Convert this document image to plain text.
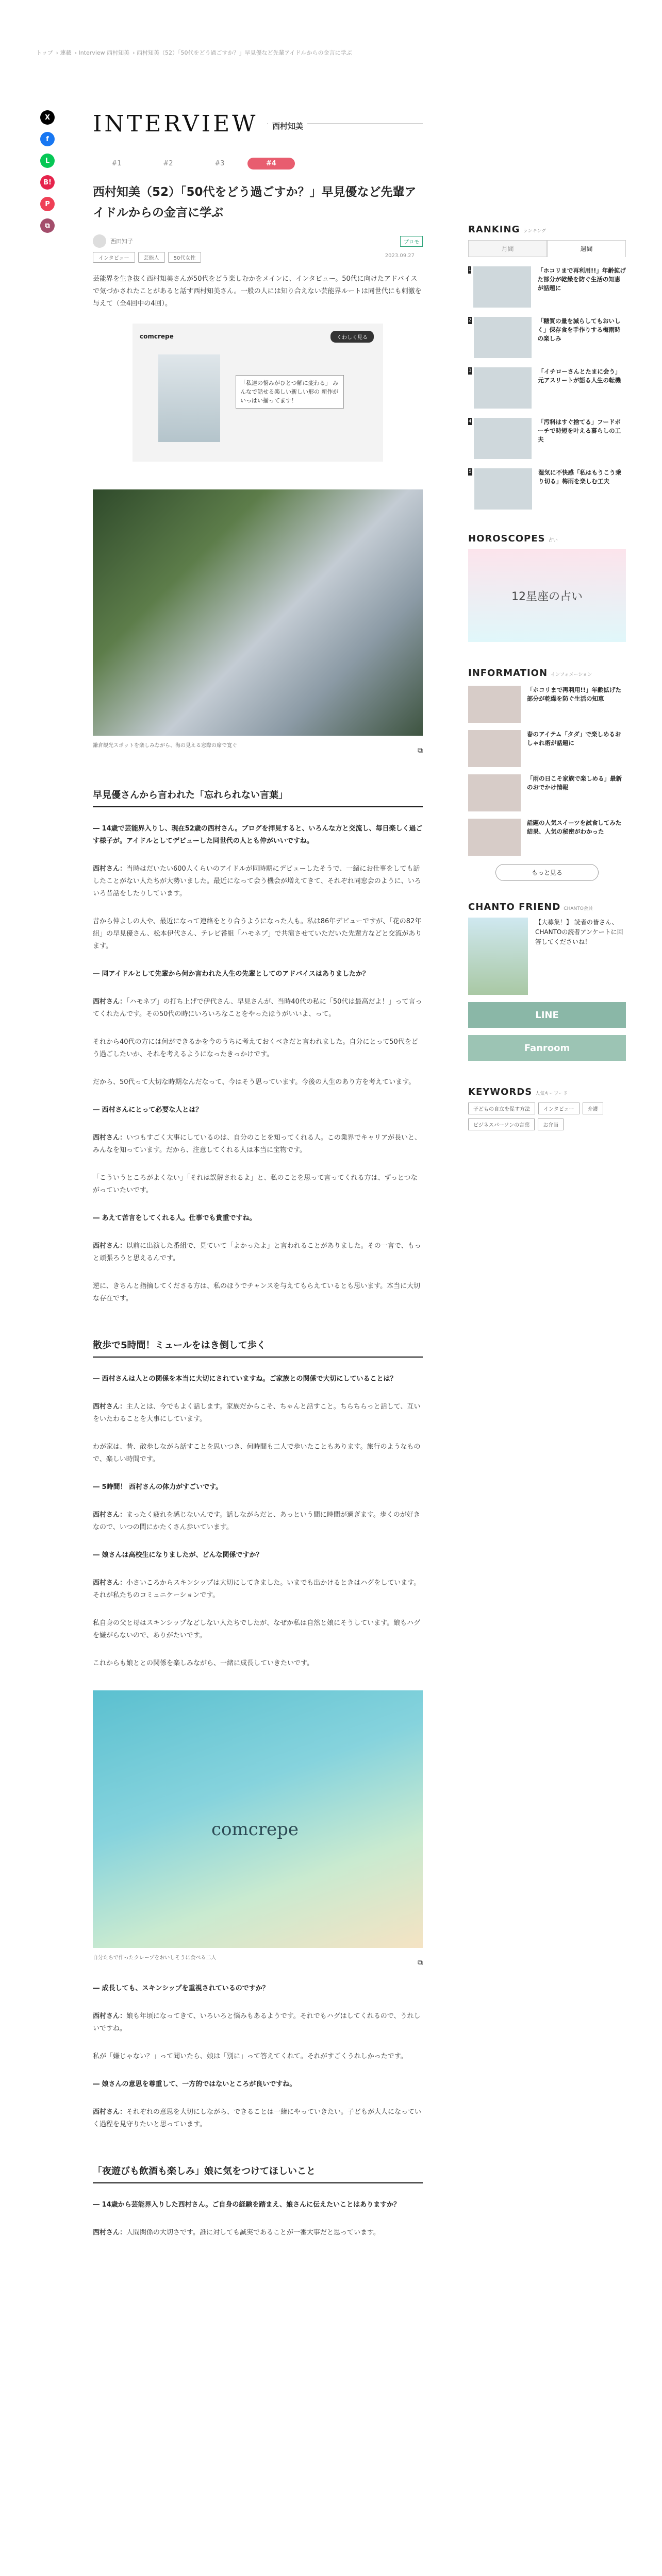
トップ › 連載 › Interview 西村知美 › 西村知美（52）「50代をどう過ごすか？」早見優など先輩アイドルからの金言に学ぶ
X
f
L
B!
P
⧉
INTERVIEW	西村知美
#1	#2	#3	#4
西村知美（52）「50代をどう過ごすか？」早見優など先輩アイドルからの金言に学ぶ
西田知子	プロモ
インタビュー	芸能人	50代女性	2023.09.27

芸能界を生き抜く西村知美さんが50代をどう楽しむかをメインに、インタビュー。50代に向けたアドバイスで気づかされたことがあると話す西村知美さん。一般の人には知り合えない芸能界ルートは同世代にも刺激を与えて（全4回中の4回）。

comcrepe	くわしく見る
「私達の悩みがひとつ解に変わる」 みんなで話せる楽しい新しい形の 新作がいっぱい揃ってます！

鎌倉観光スポットを楽しみながら、海の見える窓際の席で寛ぐ

⧉
早見優さんから言われた「忘れられない言葉」

― 14歳で芸能界入りし、現在52歳の西村さん。ブログを拝見すると、いろんな方と交流し、毎日楽しく過ごす様子が。アイドルとしてデビューした同世代の人とも仲がいいですね。

西村さん：当時はだいたい600人くらいのアイドルが同時期にデビューしたそうで、一緒にお仕事をしても話したことがない人たちが大勢いました。最近になって会う機会が増えてきて、それぞれ同窓会のように、いろいろ昔話をしたりしています。

昔から仲よしの人や、最近になって連絡をとり合うようになった人も。私は86年デビューですが、「花の82年組」の早見優さん、松本伊代さん、テレビ番組「ハモネプ」で共演させていただいた先輩方などと交流があります。

― 同アイドルとして先輩から何か言われた人生の先輩としてのアドバイスはありましたか？

西村さん：「ハモネプ」の打ち上げで伊代さん、早見さんが、当時40代の私に「50代は最高だよ！」って言ってくれたんです。その50代の時にいろいろなことをやったほうがいいよ、って。

それから40代の方には何ができるかを今のうちに考えておくべきだと言われました。自分にとって50代をどう過ごしたいか、それを考えるようになったきっかけです。

だから、50代って大切な時期なんだなって、今はそう思っています。今後の人生のあり方を考えています。

― 西村さんにとって必要な人とは？

西村さん：いつもすごく大事にしているのは、自分のことを知ってくれる人。この業界でキャリアが長いと、みんなを知っています。だから、注意してくれる人は本当に宝物です。

「こういうところがよくない」「それは誤解されるよ」と、私のことを思って言ってくれる方は、ずっとつながっていたいです。

― あえて苦言をしてくれる人。仕事でも貴重ですね。

西村さん：以前に出演した番組で、見ていて「よかったよ」と言われることがありました。その一言で、もっと頑張ろうと思えるんです。

逆に、きちんと指摘してくださる方は、私のほうでチャンスを与えてもらえているとも思います。本当に大切な存在です。

散歩で5時間！ミュールをはき倒して歩く

― 西村さんは人との関係を本当に大切にされていますね。ご家族との関係で大切にしていることは？

西村さん：主人とは、今でもよく話します。家族だからこそ、ちゃんと話すこと。ちらちらっと話して、互いをいたわることを大事にしています。

わが家は、昔、散歩しながら話すことを思いつき、何時間も二人で歩いたこともあります。旅行のようなもので、楽しい時間です。

― 5時間！ 西村さんの体力がすごいです。

西村さん：まったく疲れを感じないんです。話しながらだと、あっという間に時間が過ぎます。歩くのが好きなので、いつの間にかたくさん歩いています。

― 娘さんは高校生になりましたが、どんな関係ですか？

西村さん：小さいころからスキンシップは大切にしてきました。いまでも出かけるときはハグをしています。それが私たちのコミュニケーションです。

私自身の父と母はスキンシップなどしない人たちでしたが、なぜか私は自然と娘にそうしています。娘もハグを嫌がらないので、ありがたいです。

これからも娘ととの関係を楽しみながら、一緒に成長していきたいです。

comcrepe

自分たちで作ったクレープをおいしそうに食べる二人

⧉

― 成長しても、スキンシップを重視されているのですか？

西村さん：娘も年頃になってきて、いろいろと悩みもあるようです。それでもハグはしてくれるので、うれしいですね。

私が「嫌じゃない？」って聞いたら、娘は「別に」って答えてくれて。それがすごくうれしかったです。

― 娘さんの意思を尊重して、一方的ではないところが良いですね。

西村さん：それぞれの意思を大切にしながら、できることは一緒にやっていきたい。子どもが大人になっていく過程を見守りたいと思っています。

「夜遊びも飲酒も楽しみ」娘に気をつけてほしいこと

― 14歳から芸能界入りした西村さん。ご自身の経験を踏まえ、娘さんに伝えたいことはありますか？

西村さん：人間関係の大切さです。誰に対しても誠実であることが一番大事だと思っています。

RANKING ランキング
月間	週間
1	「ホコリまで再利用!!」年齢拡げた部分が乾燥を防ぐ生活の知恵が話題に
2	「糖質の量を減らしてもおいしく」保存食を手作りする梅雨時の楽しみ
3	「イチローさんとたまに会う」元アスリートが語る人生の転機
4	「汚料はすぐ捨てる」フードポーチで時短を叶える暮らしの工夫
5	湿気に不快感「私はもうこう乗り切る」梅雨を楽しむ工夫
HOROSCOPES 占い
12星座の占い
INFORMATION インフォメーション
「ホコリまで再利用!!」年齢拡げた部分が乾燥を防ぐ生活の知恵
春のアイテム「タダ」で楽しめるおしゃれ術が話題に
「雨の日こそ家族で楽しめる」最新のおでかけ情報
話題の人気スイーツを試食してみた結果、人気の秘密がわかった
もっと見る
CHANTO FRIEND CHANTO会員
【大募集！】 読者の皆さん、CHANTOの読者アンケートに回答してくださいね！
LINE
Fanroom
KEYWORDS 人気キーワード
子どもの自立を促す方法	インタビュー	介護
ビジネスパーソンの言葉	お弁当
